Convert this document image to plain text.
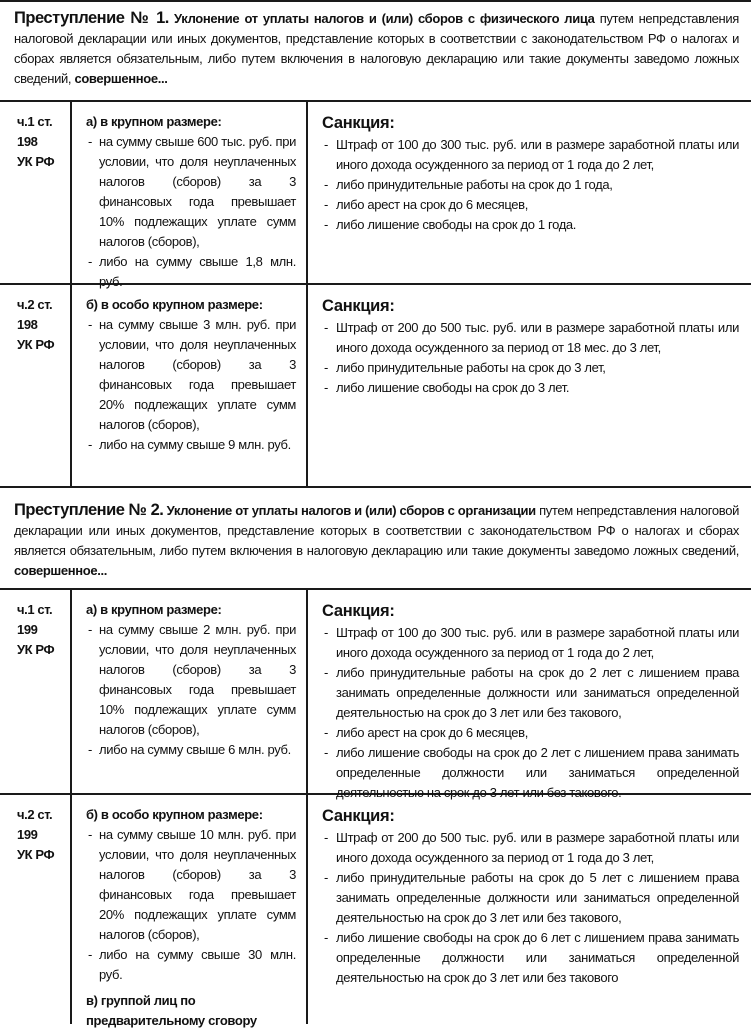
Преступление № 1. Уклонение от уплаты налогов и (или) сборов с физического лица путем непредставления налоговой декларации или иных документов, представление которых в соответствии с законодательством РФ о налогах и сборах является обязательным, либо путем включения в налоговую декларацию или такие документы заведомо ложных сведений, совершенное...
ч.1 ст.
198
УК РФ
а) в крупном размере:
- на сумму свыше 600 тыс. руб. при условии, что доля неуплаченных налогов (сборов) за 3 финансовых года превышает 10% подлежащих уплате сумм налогов (сборов),
- либо на сумму свыше 1,8 млн. руб.
Санкция:
- Штраф от 100 до 300 тыс. руб. или в размере заработной платы или иного дохода осужденного за период от 1 года до 2 лет,
- либо принудительные работы на срок до 1 года,
- либо арест на срок до 6 месяцев,
- либо лишение свободы на срок до 1 года.
ч.2 ст.
198
УК РФ
б) в особо крупном размере:
- на сумму свыше 3 млн. руб. при условии, что доля неуплаченных налогов (сборов) за 3 финансовых года превышает 20% подлежащих уплате сумм налогов (сборов),
- либо на сумму свыше 9 млн. руб.
Санкция:
- Штраф от 200 до 500 тыс. руб. или в размере заработной платы или иного дохода осужденного за период от 18 мес. до 3 лет,
- либо принудительные работы на срок до 3 лет,
- либо лишение свободы на срок до 3 лет.
Преступление № 2. Уклонение от уплаты налогов и (или) сборов с организации путем непредставления налоговой декларации или иных документов, представление которых в соответствии с законодательством РФ о налогах и сборах является обязательным, либо путем включения в налоговую декларацию или такие документы заведомо ложных сведений, совершенное...
ч.1 ст.
199
УК РФ
а) в крупном размере:
- на сумму свыше 2 млн. руб. при условии, что доля неуплаченных налогов (сборов) за 3 финансовых года превышает 10% подлежащих уплате сумм налогов (сборов),
- либо на сумму свыше 6 млн. руб.
Санкция:
- Штраф от 100 до 300 тыс. руб. или в размере заработной платы или иного дохода осужденного за период от 1 года до 2 лет,
- либо принудительные работы на срок до 2 лет с лишением права занимать определенные должности или заниматься определенной деятельностью на срок до 3 лет или без такового,
- либо арест на срок до 6 месяцев,
- либо лишение свободы на срок до 2 лет с лишением права занимать определенные должности или заниматься определенной деятельностью на срок до 3 лет или без такового.
ч.2 ст.
199
УК РФ
б) в особо крупном размере:
- на сумму свыше 10 млн. руб. при условии, что доля неуплаченных налогов (сборов) за 3 финансовых года превышает 20% подлежащих уплате сумм налогов (сборов),
- либо на сумму свыше 30 млн. руб.
в) группой лиц по предварительному сговору
Санкция:
- Штраф от 200 до 500 тыс. руб. или в размере заработной платы или иного дохода осужденного за период от 1 года до 3 лет,
- либо принудительные работы на срок до 5 лет с лишением права занимать определенные должности или заниматься определенной деятельностью на срок до 3 лет или без такового,
- либо лишение свободы на срок до 6 лет с лишением права занимать определенные должности или заниматься определенной деятельностью на срок до 3 лет или без такового
